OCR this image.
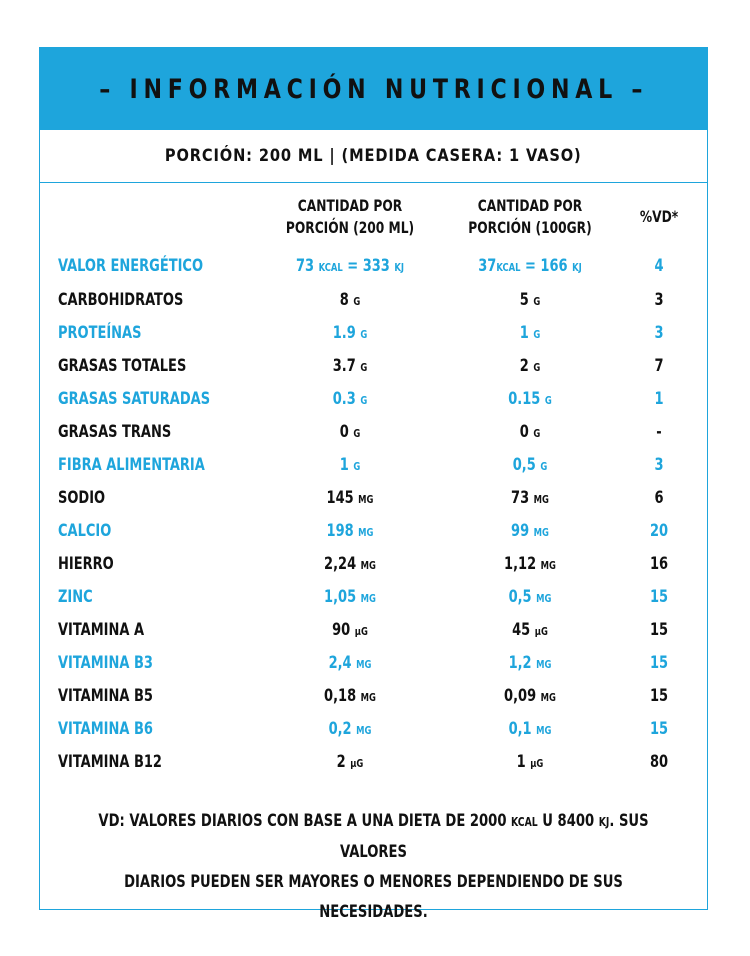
– INFORMACIÓN NUTRICIONAL –
PORCIÓN: 200 ML | (MEDIDA CASERA: 1 VASO)
CANTIDAD POR
PORCIÓN (200 ML)
CANTIDAD POR
PORCIÓN (100GR)
%VD*
VALOR ENERGÉTICO	73 KCAL = 333 KJ	37KCAL = 166 KJ	4
CARBOHIDRATOS	8 G	5 G	3
PROTEÍNAS	1.9 G	1 G	3
GRASAS TOTALES	3.7 G	2 G	7
GRASAS SATURADAS	0.3 G	0.15 G	1
GRASAS TRANS	0 G	0 G	-
FIBRA ALIMENTARIA	1 G	0,5 G	3
SODIO	145 MG	73 MG	6
CALCIO	198 MG	99 MG	20
HIERRO	2,24 MG	1,12 MG	16
ZINC	1,05 MG	0,5 MG	15
VITAMINA A	90 µG	45 µG	15
VITAMINA B3	2,4 MG	1,2 MG	15
VITAMINA B5	0,18 MG	0,09 MG	15
VITAMINA B6	0,2 MG	0,1 MG	15
VITAMINA B12	2 µG	1 µG	80
VD: VALORES DIARIOS CON BASE A UNA DIETA DE 2000 KCAL U 8400 KJ. SUS VALORES
DIARIOS PUEDEN SER MAYORES O MENORES DEPENDIENDO DE SUS NECESIDADES.
